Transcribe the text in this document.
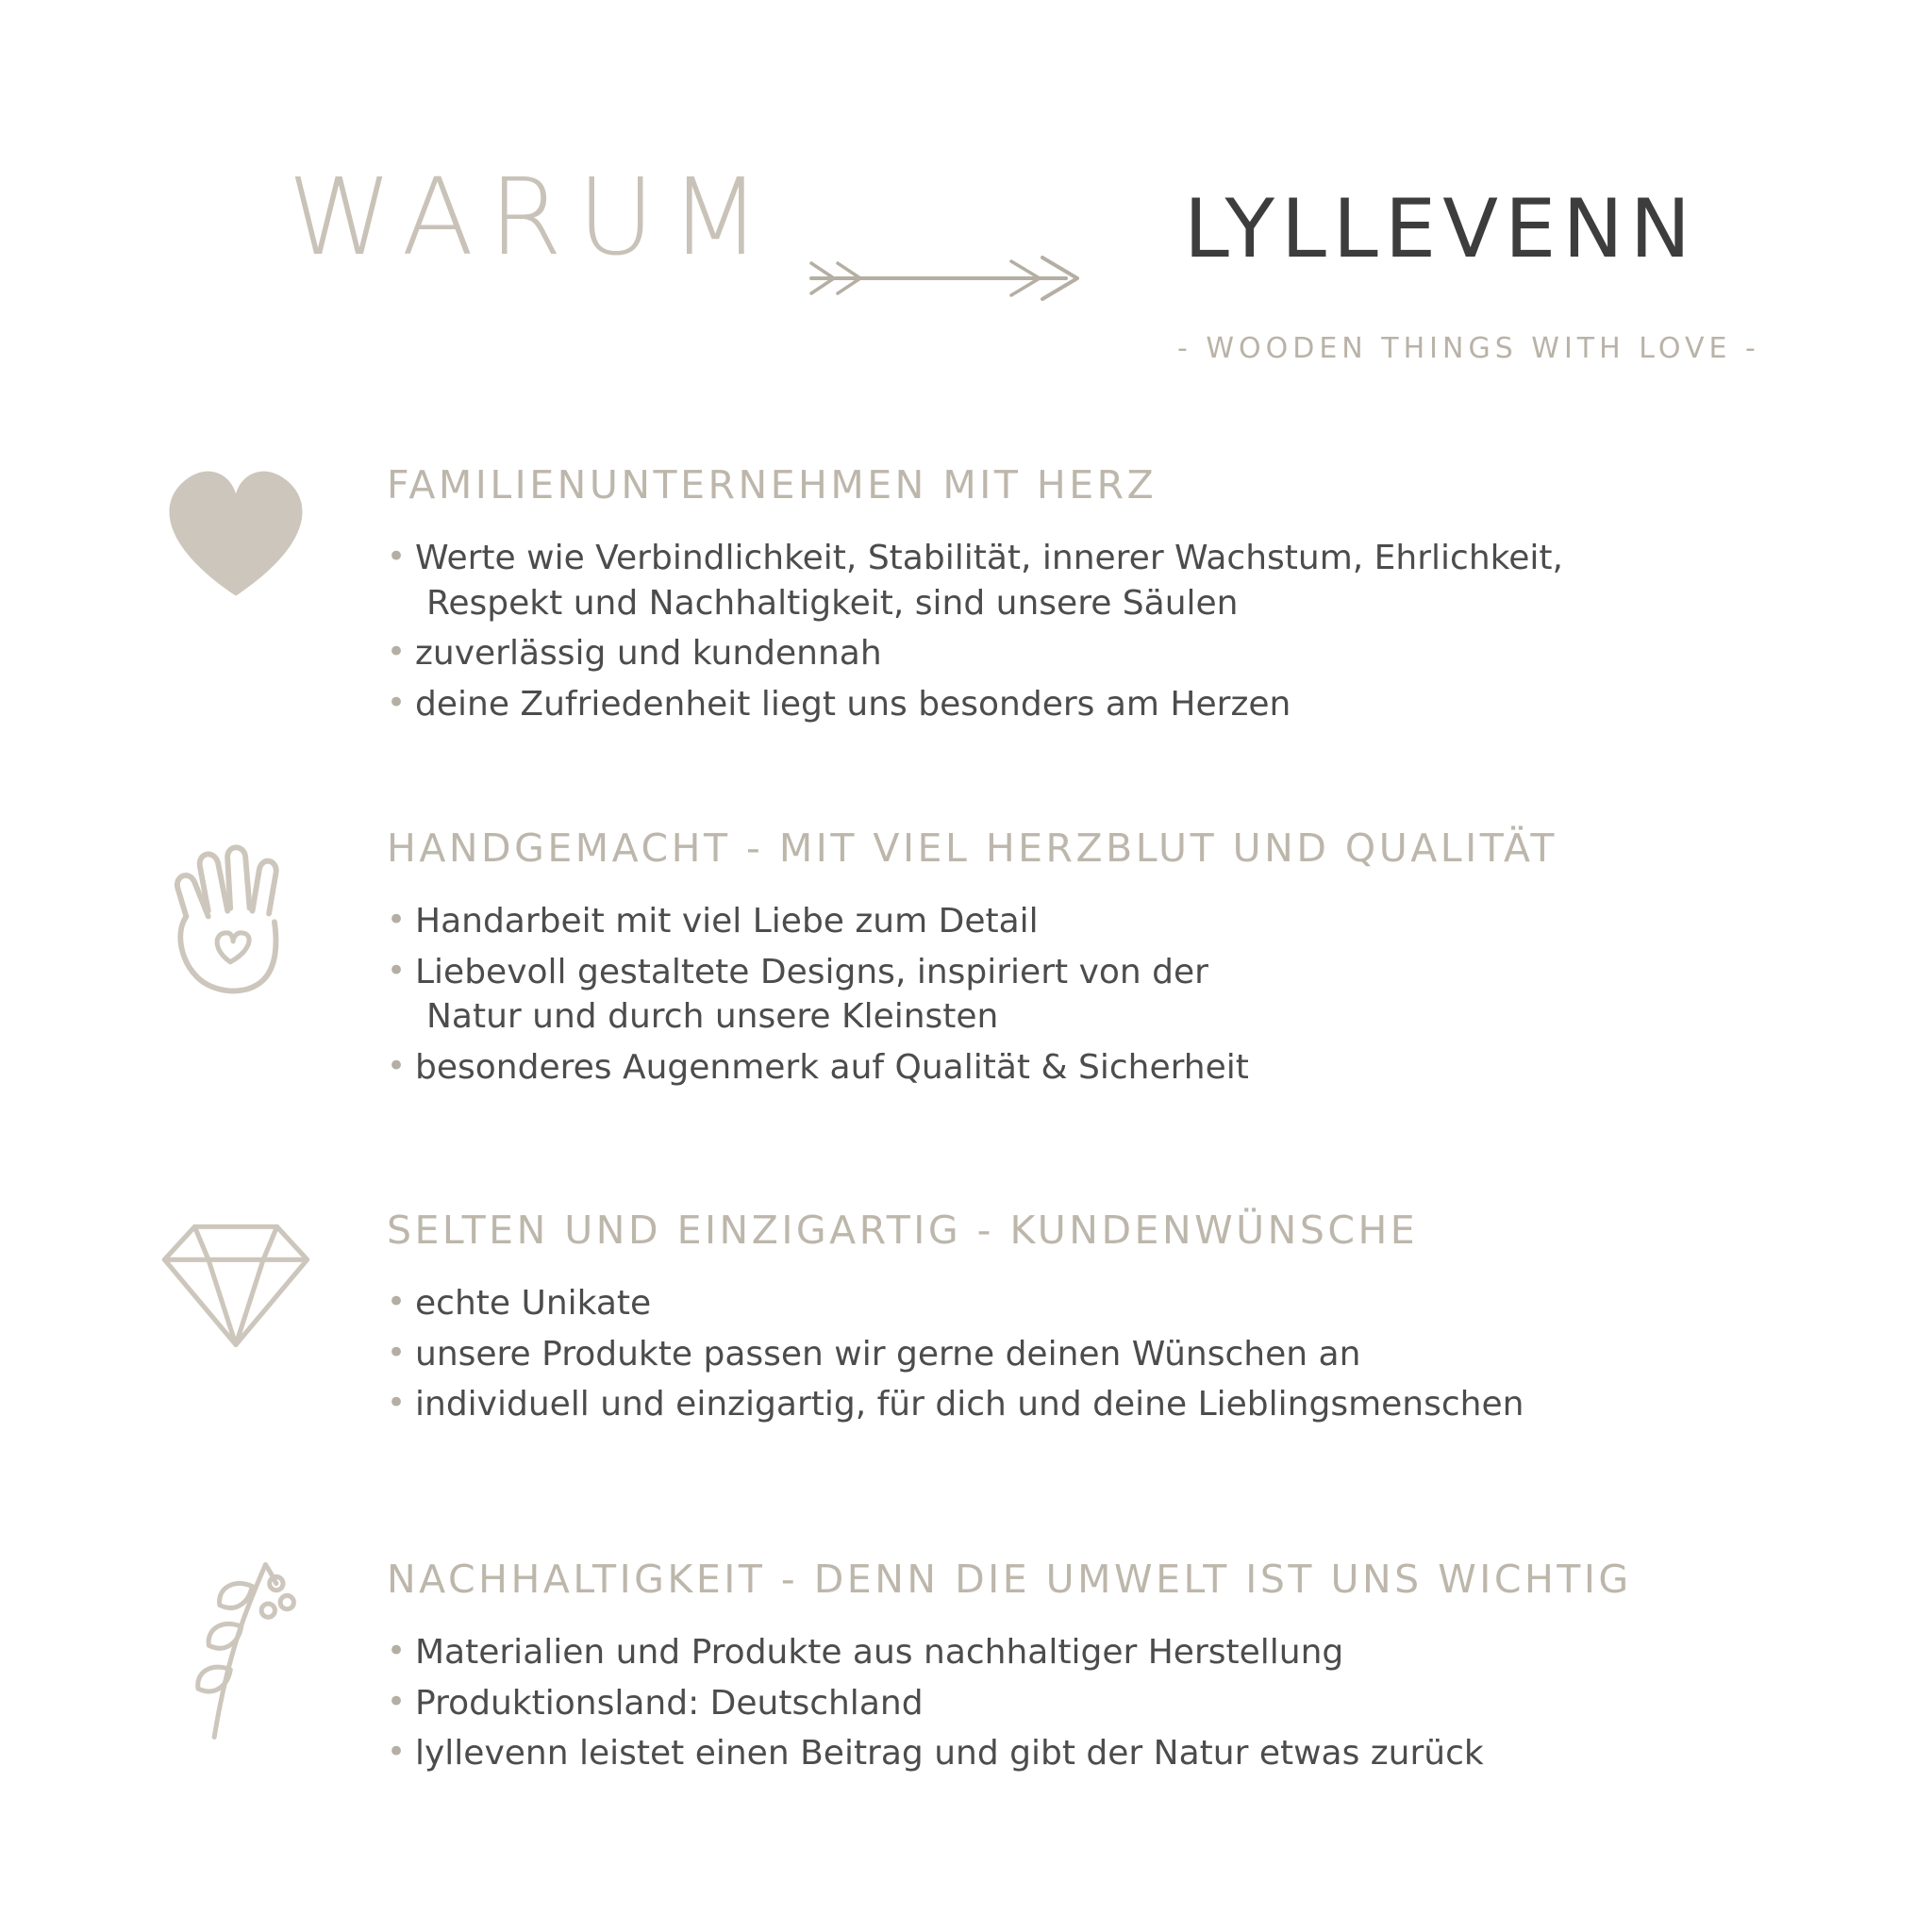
WARUM	LYLLEVENN
- WOODEN THINGS WITH LOVE -
FAMILIENUNTERNEHMEN MIT HERZ
• Werte wie Verbindlichkeit, Stabilität, innerer Wachstum, Ehrlichkeit,
Respekt und Nachhaltigkeit, sind unsere Säulen
• zuverlässig und kundennah
• deine Zufriedenheit liegt uns besonders am Herzen
HANDGEMACHT - MIT VIEL HERZBLUT UND QUALITÄT
• Handarbeit mit viel Liebe zum Detail
• Liebevoll gestaltete Designs, inspiriert von der
Natur und durch unsere Kleinsten
• besonderes Augenmerk auf Qualität & Sicherheit
SELTEN UND EINZIGARTIG - KUNDENWÜNSCHE
• echte Unikate
• unsere Produkte passen wir gerne deinen Wünschen an
• individuell und einzigartig, für dich und deine Lieblingsmenschen
NACHHALTIGKEIT - DENN DIE UMWELT IST UNS WICHTIG
• Materialien und Produkte aus nachhaltiger Herstellung
• Produktionsland: Deutschland
• lyllevenn leistet einen Beitrag und gibt der Natur etwas zurück
